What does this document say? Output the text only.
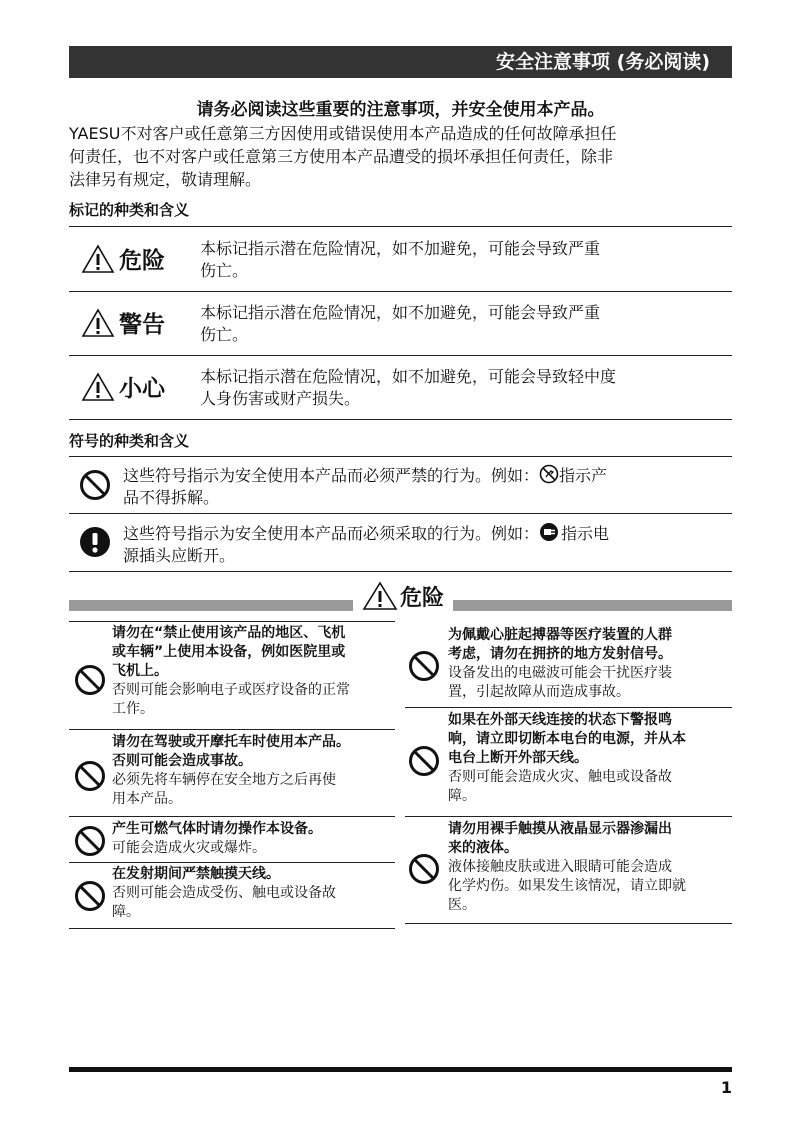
安全注意事项 (务必阅读)
请务必阅读这些重要的注意事项，并安全使用本产品。
YAESU不对客户或任意第三方因使用或错误使用本产品造成的任何故障承担任
何责任，也不对客户或任意第三方使用本产品遭受的损坏承担任何责任，除非
法律另有规定，敬请理解。
标记的种类和含义
危险 本标记指示潜在危险情况，如不加避免，可能会导致严重
伤亡。
警告 本标记指示潜在危险情况，如不加避免，可能会导致严重
伤亡。
小心 本标记指示潜在危险情况，如不加避免，可能会导致轻中度
人身伤害或财产损失。
符号的种类和含义
这些符号指示为安全使用本产品而必须严禁的行为。例如： 指示产
品不得拆解。
这些符号指示为安全使用本产品而必须采取的行为。例如： 指示电
源插头应断开。
危险
请勿在“禁止使用该产品的地区、飞机
或车辆”上使用本设备，例如医院里或
飞机上。
否则可能会影响电子或医疗设备的正常
工作。
请勿在驾驶或开摩托车时使用本产品。
否则可能会造成事故。
必须先将车辆停在安全地方之后再使
用本产品。
产生可燃气体时请勿操作本设备。
可能会造成火灾或爆炸。
在发射期间严禁触摸天线。
否则可能会造成受伤、触电或设备故
障。
为佩戴心脏起搏器等医疗装置的人群
考虑，请勿在拥挤的地方发射信号。
设备发出的电磁波可能会干扰医疗装
置，引起故障从而造成事故。
如果在外部天线连接的状态下警报鸣
响，请立即切断本电台的电源，并从本
电台上断开外部天线。
否则可能会造成火灾、触电或设备故
障。
请勿用裸手触摸从液晶显示器渗漏出
来的液体。
液体接触皮肤或进入眼睛可能会造成
化学灼伤。如果发生该情况，请立即就
医。
1
